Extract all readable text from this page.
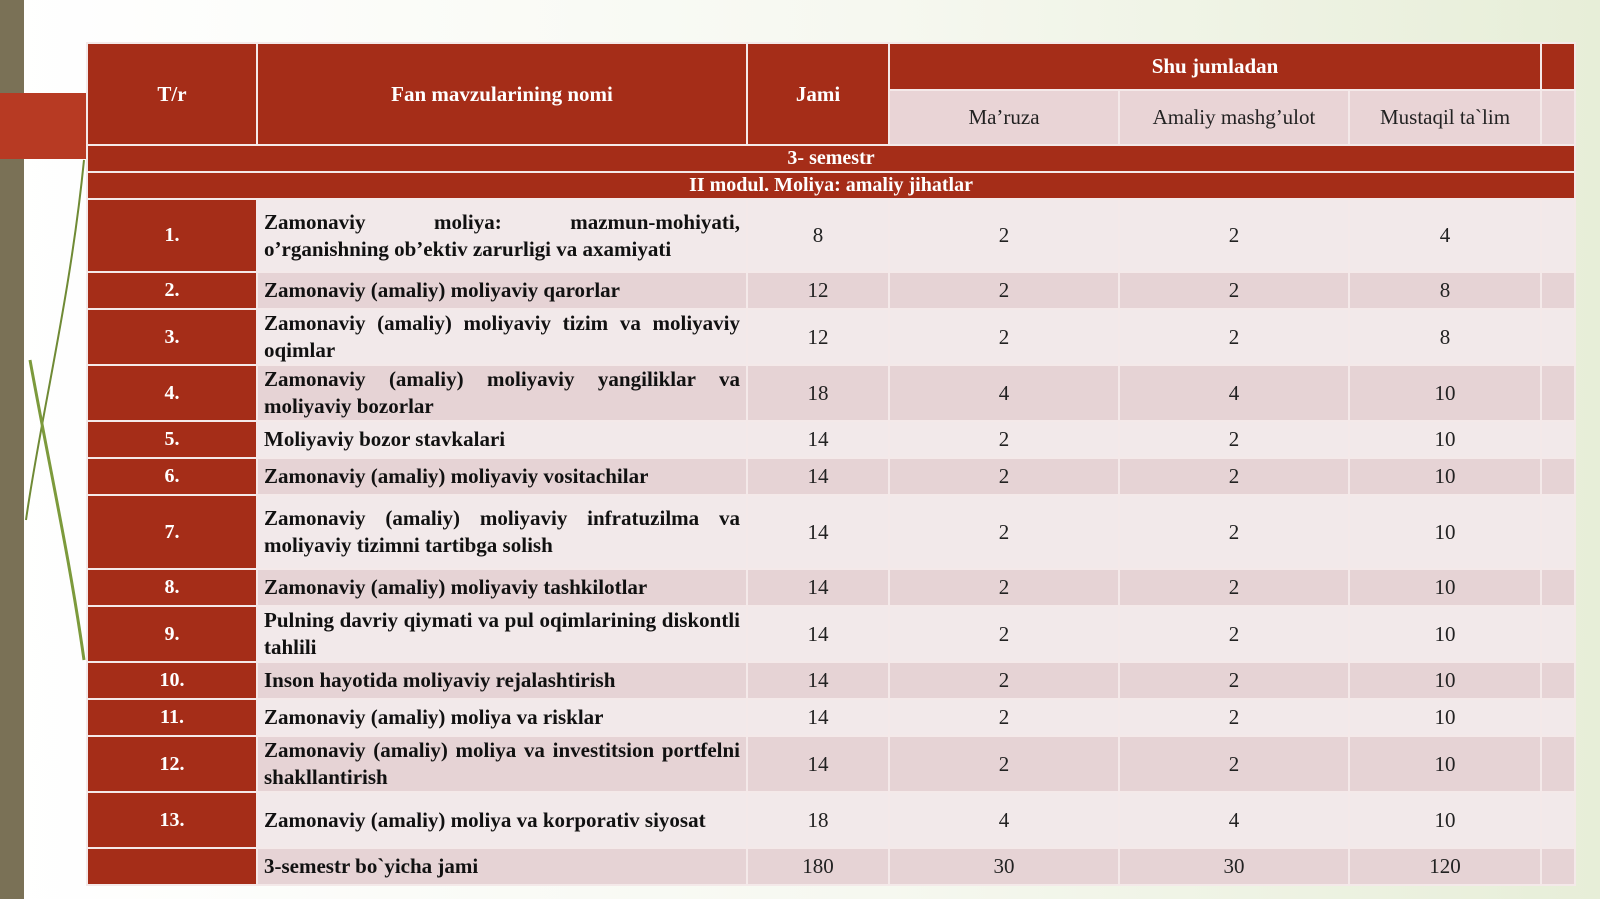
T/r	Fan mavzularining nomi	Jami	Shu jumladan			
			Ma’ruza	Amaliy mashg’ulot	Mustaqil ta`lim	
3- semestr						
II modul. Moliya: amaliy jihatlar						
1.	Zamonaviy moliya: mazmun-mohiyati, o’rganishning ob’ektiv zarurligi va axamiyati	8	2	2	4	
2.	Zamonaviy (amaliy) moliyaviy qarorlar	12	2	2	8	
3.	Zamonaviy (amaliy) moliyaviy tizim va moliyaviy oqimlar	12	2	2	8	
4.	Zamonaviy (amaliy) moliyaviy yangiliklar va moliyaviy bozorlar	18	4	4	10	
5.	Moliyaviy bozor stavkalari	14	2	2	10	
6.	Zamonaviy (amaliy) moliyaviy vositachilar	14	2	2	10	
7.	Zamonaviy (amaliy) moliyaviy infratuzilma va moliyaviy tizimni tartibga solish	14	2	2	10	
8.	Zamonaviy (amaliy) moliyaviy tashkilotlar	14	2	2	10	
9.	Pulning davriy qiymati va pul oqimlarining diskontli tahlili	14	2	2	10	
10.	Inson hayotida moliyaviy rejalashtirish	14	2	2	10	
11.	Zamonaviy (amaliy) moliya va risklar	14	2	2	10	
12.	Zamonaviy (amaliy) moliya va investitsion portfelni shakllantirish	14	2	2	10	
13.	Zamonaviy (amaliy) moliya va korporativ siyosat	18	4	4	10	
	3-semestr bo`yicha jami	180	30	30	120	
